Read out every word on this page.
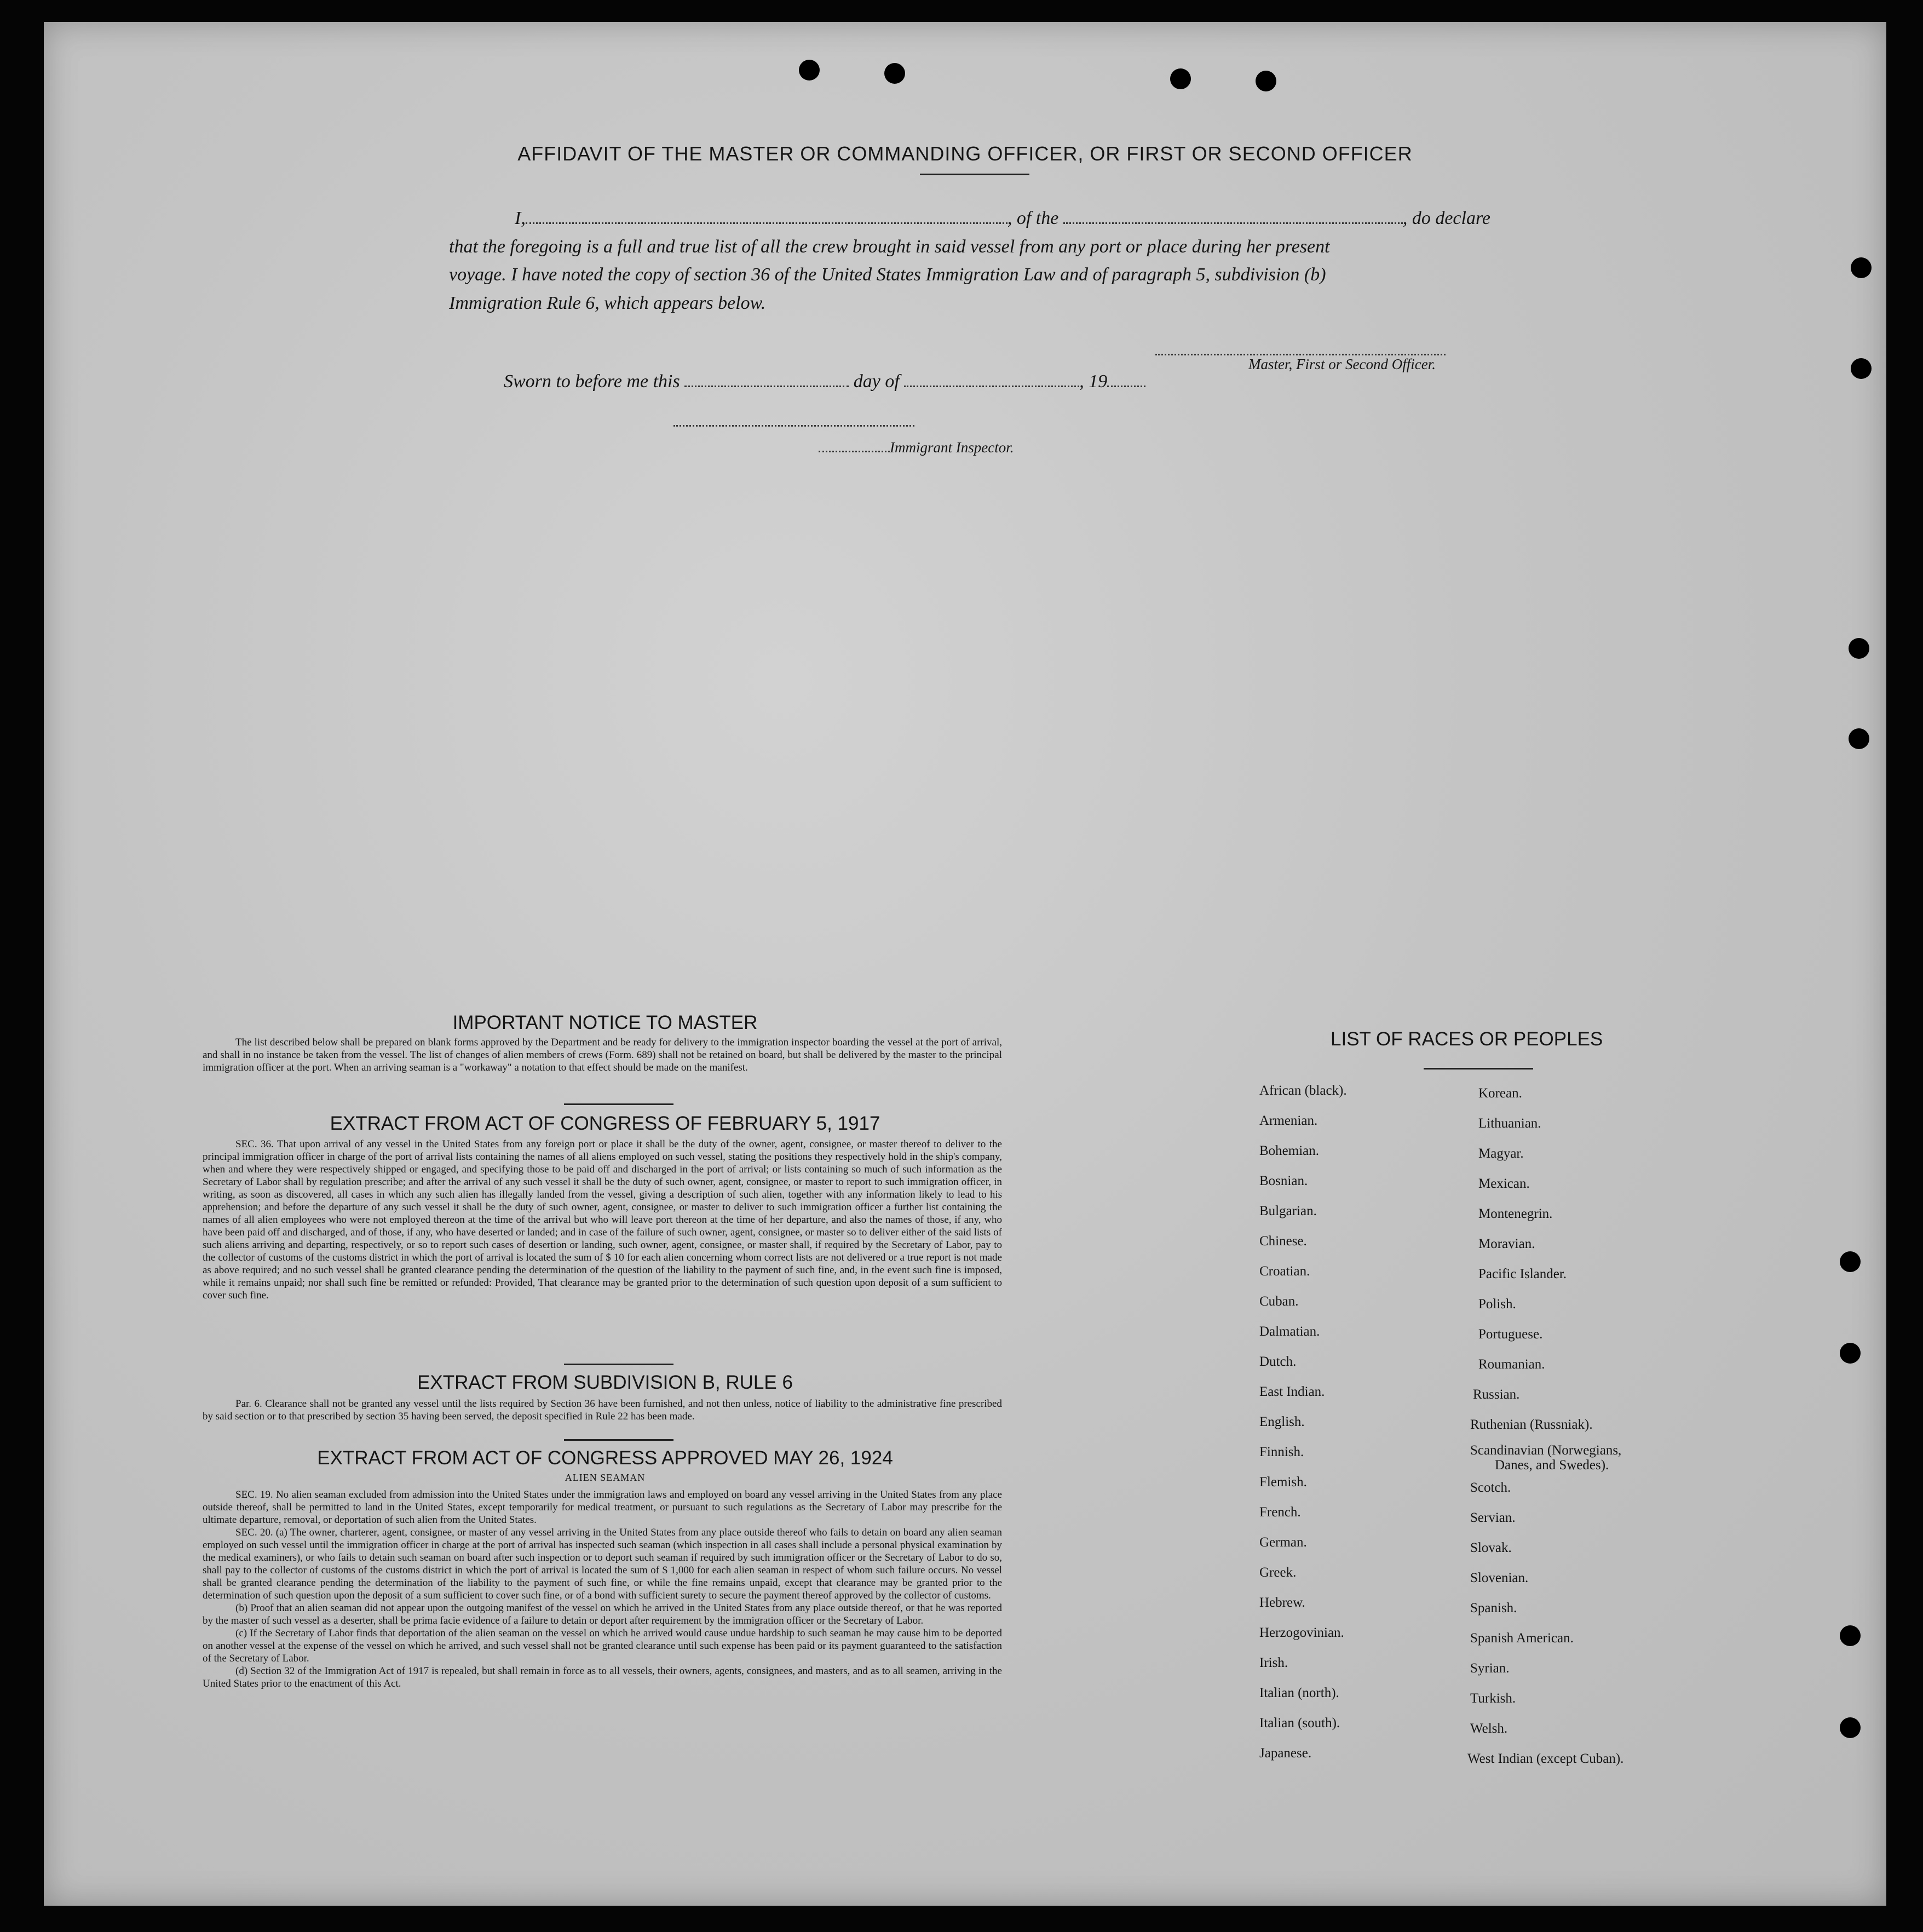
AFFIDAVIT OF THE MASTER OR COMMANDING OFFICER, OR FIRST OR SECOND OFFICER
I,	, of the	, do declare
that the foregoing is a full and true list of all the crew brought in said vessel from any port or place during her present
voyage. I have noted the copy of section 36 of the United States Immigration Law and of paragraph 5, subdivision (b)
Immigration Rule 6, which appears below.
Master, First or Second Officer.
Sworn to before me this	day of	, 19
Immigrant Inspector.
IMPORTANT NOTICE TO MASTER

The list described below shall be prepared on blank forms approved by the Department and be ready for delivery to the immigration inspector boarding the vessel at the port of arrival, and shall in no instance be taken from the vessel. The list of changes of alien members of crews (Form. 689) shall not be retained on board, but shall be delivered by the master to the principal immigration officer at the port. When an arriving seaman is a "workaway" a notation to that effect should be made on the manifest.

EXTRACT FROM ACT OF CONGRESS OF FEBRUARY 5, 1917

SEC. 36. That upon arrival of any vessel in the United States from any foreign port or place it shall be the duty of the owner, agent, consignee, or master thereof to deliver to the principal immigration officer in charge of the port of arrival lists containing the names of all aliens employed on such vessel, stating the positions they respectively hold in the ship's company, when and where they were respectively shipped or engaged, and specifying those to be paid off and discharged in the port of arrival; or lists containing so much of such information as the Secretary of Labor shall by regulation prescribe; and after the arrival of any such vessel it shall be the duty of such owner, agent, consignee, or master to report to such immigration officer, in writing, as soon as discovered, all cases in which any such alien has illegally landed from the vessel, giving a description of such alien, together with any information likely to lead to his apprehension; and before the departure of any such vessel it shall be the duty of such owner, agent, consignee, or master to deliver to such immigration officer a further list containing the names of all alien employees who were not employed thereon at the time of the arrival but who will leave port thereon at the time of her departure, and also the names of those, if any, who have been paid off and discharged, and of those, if any, who have deserted or landed; and in case of the failure of such owner, agent, consignee, or master so to deliver either of the said lists of such aliens arriving and departing, respectively, or so to report such cases of desertion or landing, such owner, agent, consignee, or master shall, if required by the Secretary of Labor, pay to the collector of customs of the customs district in which the port of arrival is located the sum of $ 10 for each alien concerning whom correct lists are not delivered or a true report is not made as above required; and no such vessel shall be granted clearance pending the determination of the question of the liability to the payment of such fine, and, in the event such fine is imposed, while it remains unpaid; nor shall such fine be remitted or refunded: Provided, That clearance may be granted prior to the determination of such question upon deposit of a sum sufficient to cover such fine.

EXTRACT FROM SUBDIVISION B, RULE 6

Par. 6. Clearance shall not be granted any vessel until the lists required by Section 36 have been furnished, and not then unless, notice of liability to the administrative fine prescribed by said section or to that prescribed by section 35 having been served, the deposit specified in Rule 22 has been made.

EXTRACT FROM ACT OF CONGRESS APPROVED MAY 26, 1924
ALIEN SEAMAN

SEC. 19. No alien seaman excluded from admission into the United States under the immigration laws and employed on board any vessel arriving in the United States from any place outside thereof, shall be permitted to land in the United States, except temporarily for medical treatment, or pursuant to such regulations as the Secretary of Labor may prescribe for the ultimate departure, removal, or deportation of such alien from the United States.

SEC. 20. (a) The owner, charterer, agent, consignee, or master of any vessel arriving in the United States from any place outside thereof who fails to detain on board any alien seaman employed on such vessel until the immigration officer in charge at the port of arrival has inspected such seaman (which inspection in all cases shall include a personal physical examination by the medical examiners), or who fails to detain such seaman on board after such inspection or to deport such seaman if required by such immigration officer or the Secretary of Labor to do so, shall pay to the collector of customs of the customs district in which the port of arrival is located the sum of $ 1,000 for each alien seaman in respect of whom such failure occurs. No vessel shall be granted clearance pending the determination of the liability to the payment of such fine, or while the fine remains unpaid, except that clearance may be granted prior to the determination of such question upon the deposit of a sum sufficient to cover such fine, or of a bond with sufficient surety to secure the payment thereof approved by the collector of customs.

(b) Proof that an alien seaman did not appear upon the outgoing manifest of the vessel on which he arrived in the United States from any place outside thereof, or that he was reported by the master of such vessel as a deserter, shall be prima facie evidence of a failure to detain or deport after requirement by the immigration officer or the Secretary of Labor.

(c) If the Secretary of Labor finds that deportation of the alien seaman on the vessel on which he arrived would cause undue hardship to such seaman he may cause him to be deported on another vessel at the expense of the vessel on which he arrived, and such vessel shall not be granted clearance until such expense has been paid or its payment guaranteed to the satisfaction of the Secretary of Labor.

(d) Section 32 of the Immigration Act of 1917 is repealed, but shall remain in force as to all vessels, their owners, agents, consignees, and masters, and as to all seamen, arriving in the United States prior to the enactment of this Act.

LIST OF RACES OR PEOPLES
African (black).
Armenian.
Bohemian.
Bosnian.
Bulgarian.
Chinese.
Croatian.
Cuban.
Dalmatian.
Dutch.
East Indian.
English.
Finnish.
Flemish.
French.
German.
Greek.
Hebrew.
Herzogovinian.
Irish.
Italian (north).
Italian (south).
Japanese.
Korean.
Lithuanian.
Magyar.
Mexican.
Montenegrin.
Moravian.
Pacific Islander.
Polish.
Portuguese.
Roumanian.
Russian.
Ruthenian (Russniak).
Scandinavian (Norwegians,
Danes, and Swedes).
Scotch.
Servian.
Slovak.
Slovenian.
Spanish.
Spanish American.
Syrian.
Turkish.
Welsh.
West Indian (except Cuban).
